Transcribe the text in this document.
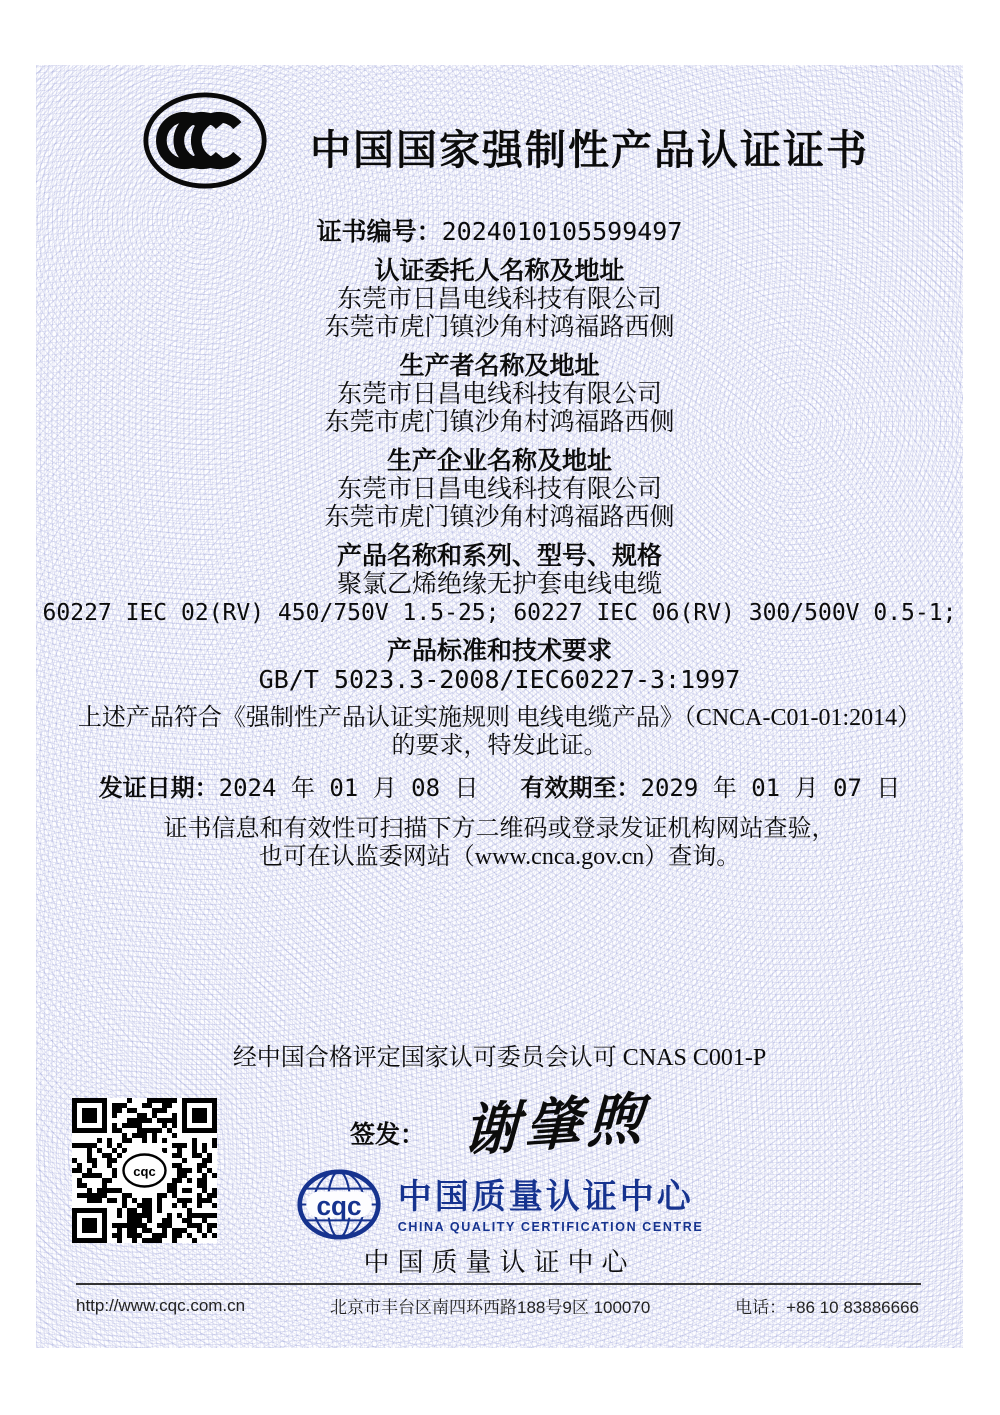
中国国家强制性产品认证证书
证书编号：2024010105599497
认证委托人名称及地址
东莞市日昌电线科技有限公司
东莞市虎门镇沙角村鸿福路西侧
生产者名称及地址
东莞市日昌电线科技有限公司
东莞市虎门镇沙角村鸿福路西侧
生产企业名称及地址
东莞市日昌电线科技有限公司
东莞市虎门镇沙角村鸿福路西侧
产品名称和系列、型号、规格
聚氯乙烯绝缘无护套电线电缆
60227 IEC 02(RV) 450/750V 1.5-25; 60227 IEC 06(RV) 300/500V 0.5-1;
产品标准和技术要求
GB/T 5023.3-2008/IEC60227-3:1997
上述产品符合《强制性产品认证实施规则 电线电缆产品》（CNCA-C01-01:2014）
的要求，特发此证。
发证日期：2024 年 01 月 08 日 有效期至：2029 年 01 月 07 日
证书信息和有效性可扫描下方二维码或登录发证机构网站查验，
也可在认监委网站（www.cnca.gov.cn）查询。
经中国合格评定国家认可委员会认可 CNAS C001-P
签发： 谢肇煦
cqc 中国质量认证中心
CHINA QUALITY CERTIFICATION CENTRE
中国质量认证中心
http://www.cqc.com.cn	北京市丰台区南四环西路188号9区 100070	电话：+86 10 83886666
cqc
